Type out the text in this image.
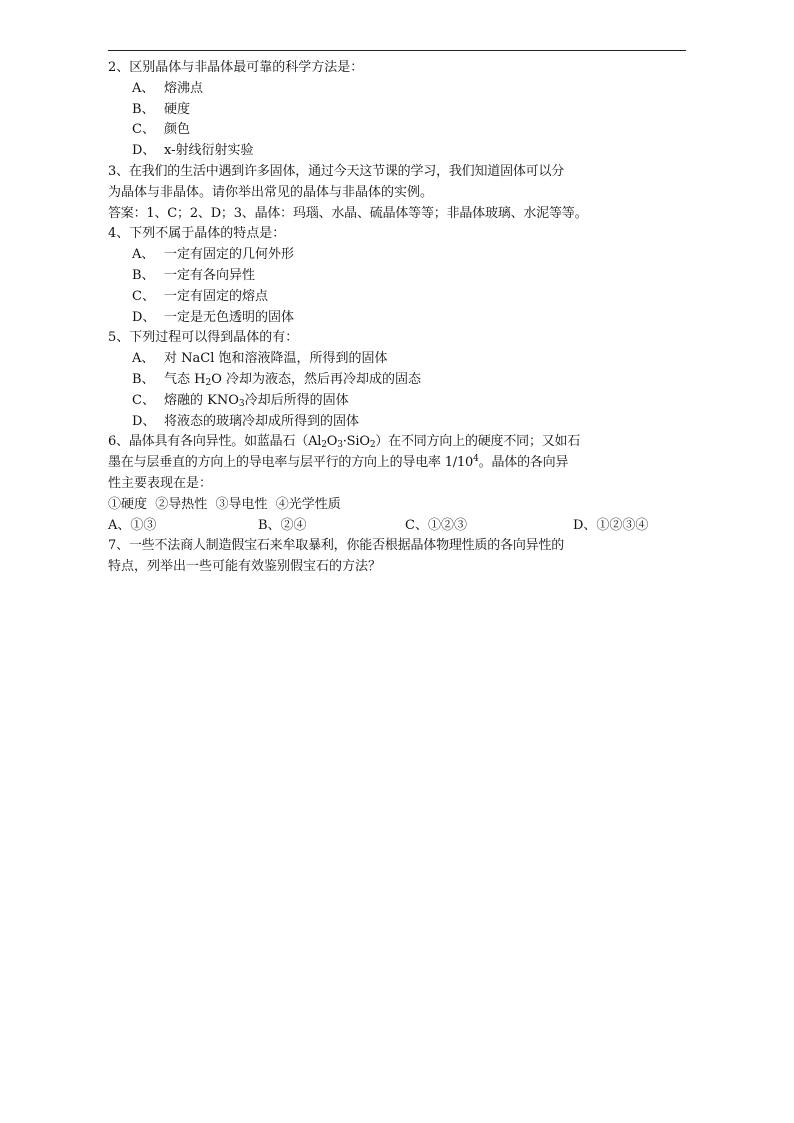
2、区别晶体与非晶体最可靠的科学方法是：
A、 熔沸点
B、 硬度
C、 颜色
D、 x-射线衍射实验
3、在我们的生活中遇到许多固体，通过今天这节课的学习，我们知道固体可以分
为晶体与非晶体。请你举出常见的晶体与非晶体的实例。
答案：1、C；2、D；3、晶体：玛瑙、水晶、硫晶体等等；非晶体玻璃、水泥等等。
4、下列不属于晶体的特点是：
A、 一定有固定的几何外形
B、 一定有各向异性
C、 一定有固定的熔点
D、 一定是无色透明的固体
5、下列过程可以得到晶体的有：
A、 对 NaCl 饱和溶液降温，所得到的固体
B、 气态 $H_2O$ 冷却为液态，然后再冷却成的固态
C、 熔融的 $KNO_3$冷却后所得的固体
D、 将液态的玻璃冷却成所得到的固体
6、晶体具有各向异性。如蓝晶石$(Al_2O_3\cdot SiO_2)$在不同方向上的硬度不同；又如石
墨在与层垂直的方向上的导电率与层平行的方向上的导电率 $1/10^4$。晶体的各向异
性主要表现在是：
①硬度  ②导热性  ③导电性  ④光学性质
A、①③	B、②④	C、①②③	D、①②③④
7、一些不法商人制造假宝石来牟取暴利，你能否根据晶体物理性质的各向异性的
特点，列举出一些可能有效鉴别假宝石的方法？
